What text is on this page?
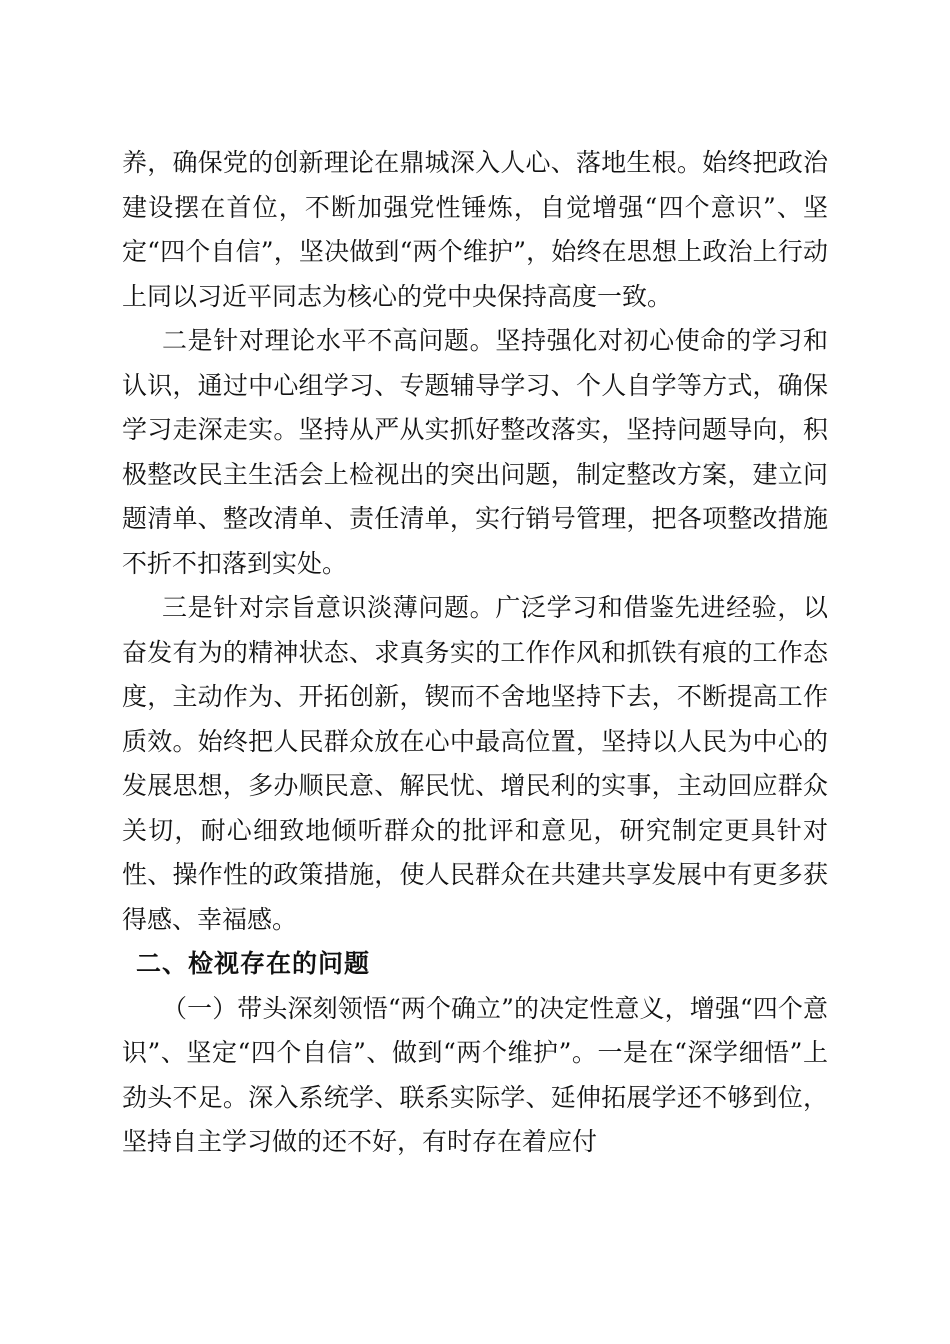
养，确保党的创新理论在鼎城深入人心、落地生根。始终把政治建设摆在首位，不断加强党性锤炼，自觉增强“四个意识”、坚定“四个自信”，坚决做到“两个维护”，始终在思想上政治上行动上同以习近平同志为核心的党中央保持高度一致。

二是针对理论水平不高问题。坚持强化对初心使命的学习和认识，通过中心组学习、专题辅导学习、个人自学等方式，确保学习走深走实。坚持从严从实抓好整改落实，坚持问题导向，积极整改民主生活会上检视出的突出问题，制定整改方案，建立问题清单、整改清单、责任清单，实行销号管理，把各项整改措施不折不扣落到实处。

三是针对宗旨意识淡薄问题。广泛学习和借鉴先进经验，以奋发有为的精神状态、求真务实的工作作风和抓铁有痕的工作态度，主动作为、开拓创新，锲而不舍地坚持下去，不断提高工作质效。始终把人民群众放在心中最高位置，坚持以人民为中心的发展思想，多办顺民意、解民忧、增民利的实事，主动回应群众关切，耐心细致地倾听群众的批评和意见，研究制定更具针对性、操作性的政策措施，使人民群众在共建共享发展中有更多获得感、幸福感。

二、检视存在的问题

（一）带头深刻领悟“两个确立”的决定性意义，增强“四个意识”、坚定“四个自信”、做到“两个维护”。一是在“深学细悟”上劲头不足。深入系统学、联系实际学、延伸拓展学还不够到位，坚持自主学习做的还不好，有时存在着应付
